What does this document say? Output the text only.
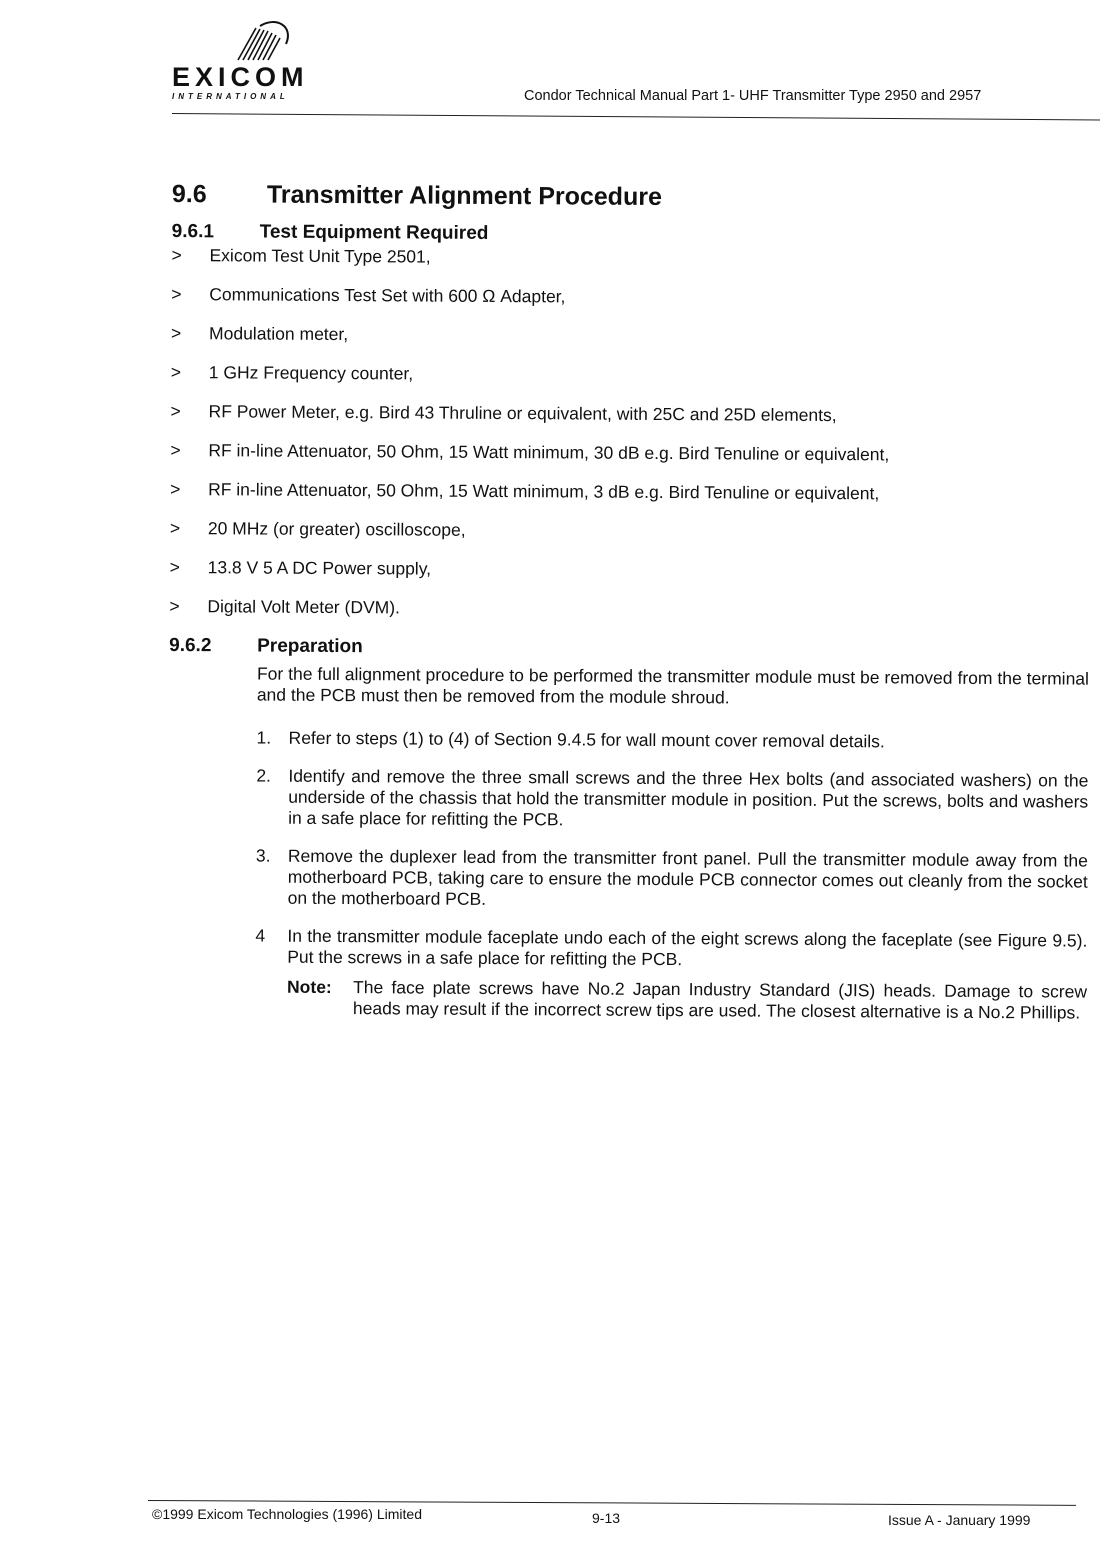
EXICOM
INTERNATIONAL	Condor Technical Manual Part 1- UHF Transmitter Type 2950 and 2957
9.6	Transmitter Alignment Procedure
9.6.1	Test Equipment Required
>	Exicom Test Unit Type 2501,
>	Communications Test Set with 600 Ω Adapter,
>	Modulation meter,
>	1 GHz Frequency counter,
>	RF Power Meter, e.g. Bird 43 Thruline or equivalent, with 25C and 25D elements,
>	RF in-line Attenuator, 50 Ohm, 15 Watt minimum, 30 dB e.g. Bird Tenuline or equivalent,
>	RF in-line Attenuator, 50 Ohm, 15 Watt minimum, 3 dB e.g. Bird Tenuline or equivalent,
>	20 MHz (or greater) oscilloscope,
>	13.8 V 5 A DC Power supply,
>	Digital Volt Meter (DVM).
9.6.2	Preparation

For the full alignment procedure to be performed the transmitter module must be removed from the terminal and the PCB must then be removed from the module shroud.

1. Refer to steps (1) to (4) of Section 9.4.5 for wall mount cover removal details.
2. Identify and remove the three small screws and the three Hex bolts (and associated washers) on the underside of the chassis that hold the transmitter module in position. Put the screws, bolts and washers in a safe place for refitting the PCB.
3. Remove the duplexer lead from the transmitter front panel. Pull the transmitter module away from the motherboard PCB, taking care to ensure the module PCB connector comes out cleanly from the socket on the motherboard PCB.
4	In the transmitter module faceplate undo each of the eight screws along the faceplate (see Figure 9.5). Put the screws in a safe place for refitting the PCB.
Note:	The face plate screws have No.2 Japan Industry Standard (JIS) heads. Damage to screw heads may result if the incorrect screw tips are used. The closest alternative is a No.2 Phillips.
©1999 Exicom Technologies (1996) Limited	9-13	Issue A - January 1999
